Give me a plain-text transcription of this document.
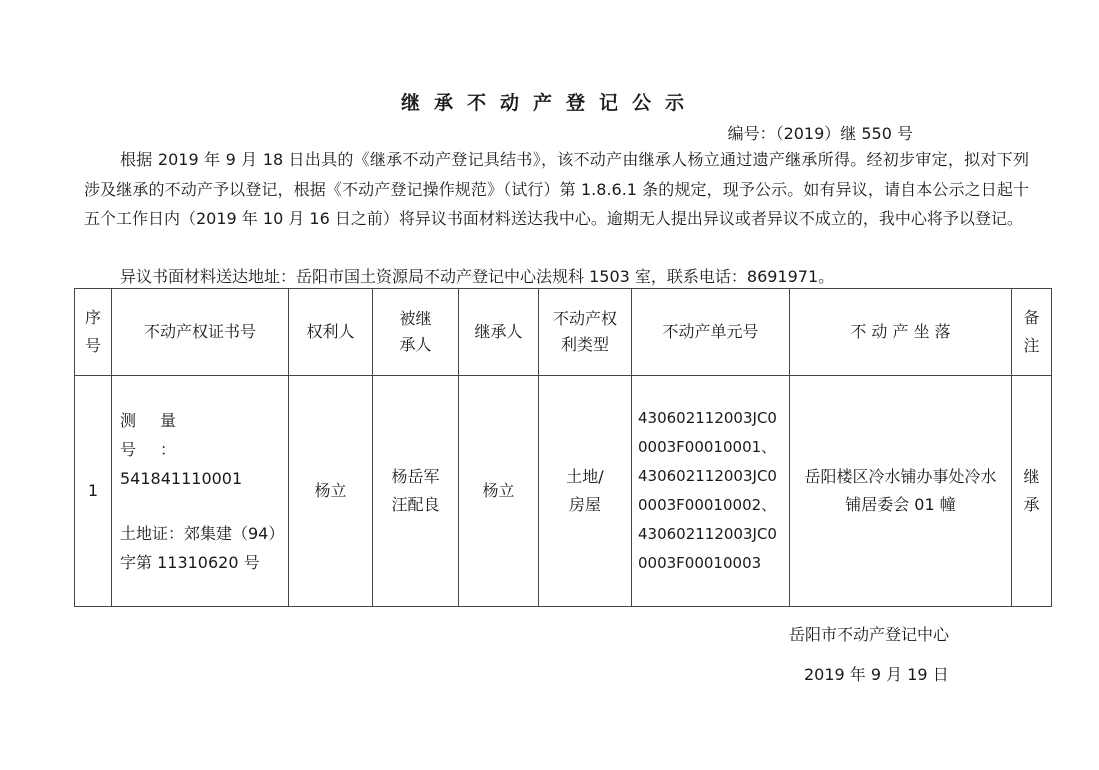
继承不动产登记公示
编号：（2019）继 550 号

根据 2019 年 9 月 18 日出具的《继承不动产登记具结书》，该不动产由继承人杨立通过遗产继承所得。经初步审定，拟对下列涉及继承的不动产予以登记，根据《不动产登记操作规范》（试行）第 1.8.6.1 条的规定，现予公示。如有异议，请自本公示之日起十五个工作日内（2019 年 10 月 16 日之前）将异议书面材料送达我中心。逾期无人提出异议或者异议不成立的，我中心将予以登记。

异议书面材料送达地址：岳阳市国土资源局不动产登记中心法规科 1503 室，联系电话：8691971。

序号	不动产权证书号	权利人	被继承人	继承人	不动产权利类型	不动产单元号	不 动 产 坐 落	备注
1	测量号：
541841110001
土地证：郊集建（94）字第 11310620 号	杨立	杨岳军汪配良	杨立	土地/房屋	430602112003JC00003F00010001、430602112003JC00003F00010002、430602112003JC00003F00010003	岳阳楼区冷水铺办事处冷水铺居委会 01 幢	继承
岳阳市不动产登记中心
2019 年 9 月 19 日
